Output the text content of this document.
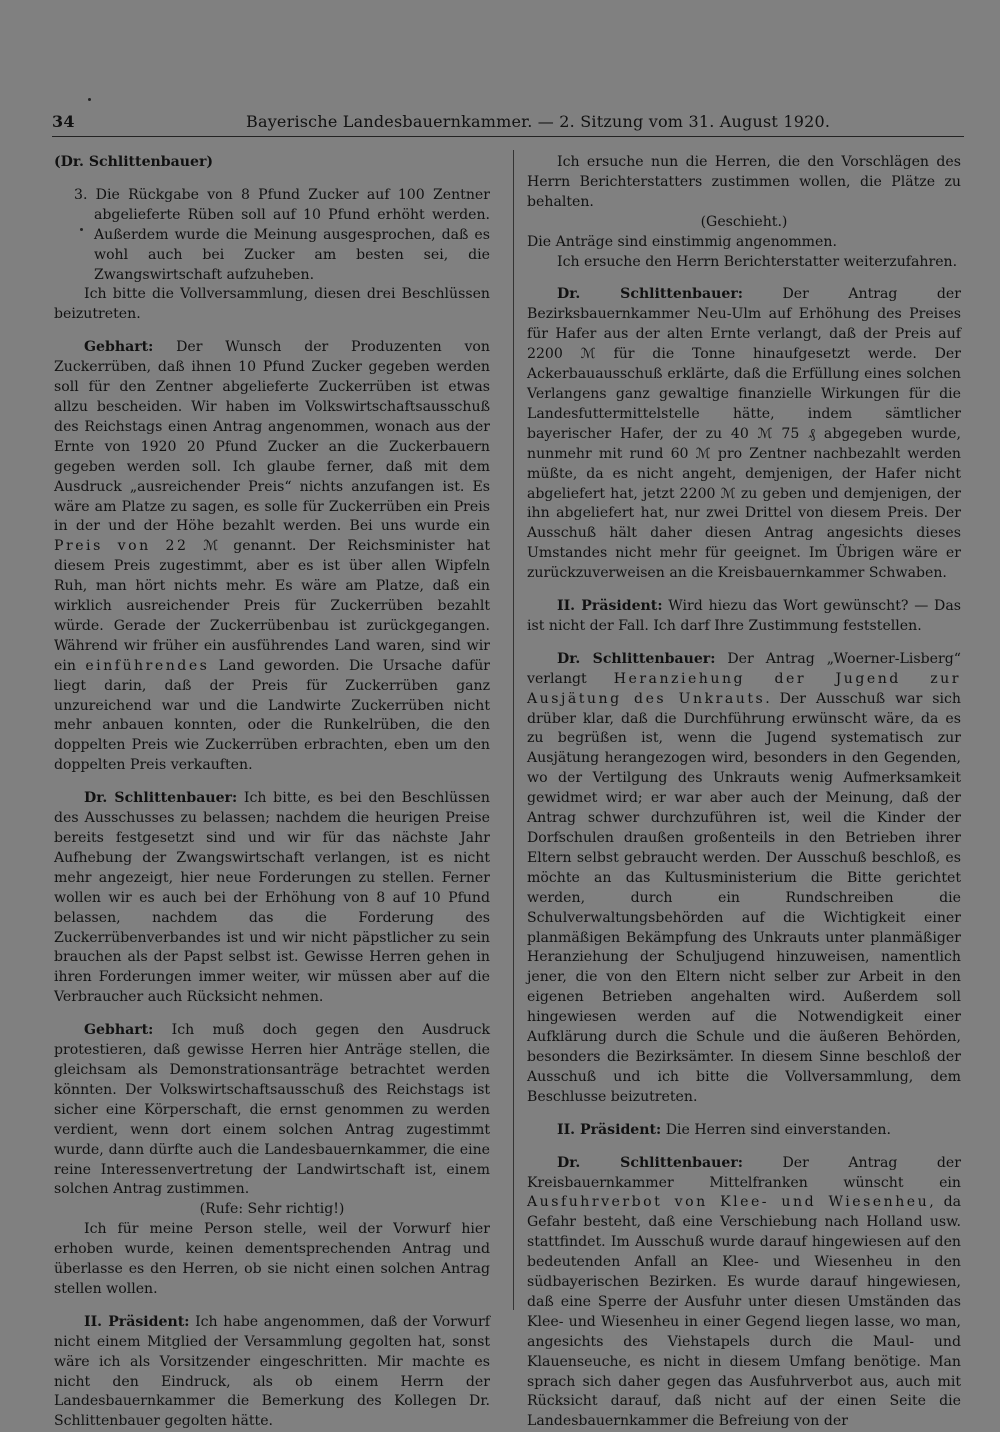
34	Bayerische Landesbauernkammer. — 2. Sitzung vom 31. August 1920.

(Dr. Schlittenbauer)

3. Die Rückgabe von 8 Pfund Zucker auf 100 Zentner abgelieferte Rüben soll auf 10 Pfund erhöht werden. Außerdem wurde die Meinung ausgesprochen, daß es wohl auch bei Zucker am besten sei, die Zwangswirtschaft aufzuheben.

Ich bitte die Vollversammlung, diesen drei Beschlüssen beizutreten.

Gebhart: Der Wunsch der Produzenten von Zuckerrüben, daß ihnen 10 Pfund Zucker gegeben werden soll für den Zentner abgelieferte Zuckerrüben ist etwas allzu bescheiden. Wir haben im Volkswirtschaftsausschuß des Reichstags einen Antrag angenommen, wonach aus der Ernte von 1920 20 Pfund Zucker an die Zuckerbauern gegeben werden soll. Ich glaube ferner, daß mit dem Ausdruck „ausreichender Preis“ nichts anzufangen ist. Es wäre am Platze zu sagen, es solle für Zuckerrüben ein Preis in der und der Höhe bezahlt werden. Bei uns wurde ein Preis von 22 ℳ genannt. Der Reichsminister hat diesem Preis zugestimmt, aber es ist über allen Wipfeln Ruh, man hört nichts mehr. Es wäre am Platze, daß ein wirklich ausreichender Preis für Zuckerrüben bezahlt würde. Gerade der Zuckerrübenbau ist zurückgegangen. Während wir früher ein ausführendes Land waren, sind wir ein einführendes Land geworden. Die Ursache dafür liegt darin, daß der Preis für Zuckerrüben ganz unzureichend war und die Landwirte Zuckerrüben nicht mehr anbauen konnten, oder die Runkelrüben, die den doppelten Preis wie Zuckerrüben erbrachten, eben um den doppelten Preis verkauften.

Dr. Schlittenbauer: Ich bitte, es bei den Beschlüssen des Ausschusses zu belassen; nachdem die heurigen Preise bereits festgesetzt sind und wir für das nächste Jahr Aufhebung der Zwangswirtschaft verlangen, ist es nicht mehr angezeigt, hier neue Forderungen zu stellen. Ferner wollen wir es auch bei der Erhöhung von 8 auf 10 Pfund belassen, nachdem das die Forderung des Zuckerrübenverbandes ist und wir nicht päpstlicher zu sein brauchen als der Papst selbst ist. Gewisse Herren gehen in ihren Forderungen immer weiter, wir müssen aber auf die Verbraucher auch Rücksicht nehmen.

Gebhart: Ich muß doch gegen den Ausdruck protestieren, daß gewisse Herren hier Anträge stellen, die gleichsam als Demonstrationsanträge betrachtet werden könnten. Der Volkswirtschaftsausschuß des Reichstags ist sicher eine Körperschaft, die ernst genommen zu werden verdient, wenn dort einem solchen Antrag zugestimmt wurde, dann dürfte auch die Landesbauernkammer, die eine reine Interessenvertretung der Landwirtschaft ist, einem solchen Antrag zustimmen.

(Rufe: Sehr richtig!)

Ich für meine Person stelle, weil der Vorwurf hier erhoben wurde, keinen dementsprechenden Antrag und überlasse es den Herren, ob sie nicht einen solchen Antrag stellen wollen.

II. Präsident: Ich habe angenommen, daß der Vorwurf nicht einem Mitglied der Versammlung gegolten hat, sonst wäre ich als Vorsitzender eingeschritten. Mir machte es nicht den Eindruck, als ob einem Herrn der Landesbauernkammer die Bemerkung des Kollegen Dr. Schlittenbauer gegolten hätte.

Ich ersuche nun die Herren, die den Vorschlägen des Herrn Berichterstatters zustimmen wollen, die Plätze zu behalten.

(Geschieht.)

Die Anträge sind einstimmig angenommen.

Ich ersuche den Herrn Berichterstatter weiterzufahren.

Dr. Schlittenbauer: Der Antrag der Bezirksbauernkammer Neu-Ulm auf Erhöhung des Preises für Hafer aus der alten Ernte verlangt, daß der Preis auf 2200 ℳ für die Tonne hinaufgesetzt werde. Der Ackerbauausschuß erklärte, daß die Erfüllung eines solchen Verlangens ganz gewaltige finanzielle Wirkungen für die Landesfuttermittelstelle hätte, indem sämtlicher bayerischer Hafer, der zu 40 ℳ 75 ₰ abgegeben wurde, nunmehr mit rund 60 ℳ pro Zentner nachbezahlt werden müßte, da es nicht angeht, demjenigen, der Hafer nicht abgeliefert hat, jetzt 2200 ℳ zu geben und demjenigen, der ihn abgeliefert hat, nur zwei Drittel von diesem Preis. Der Ausschuß hält daher diesen Antrag angesichts dieses Umstandes nicht mehr für geeignet. Im Übrigen wäre er zurückzuverweisen an die Kreisbauernkammer Schwaben.

II. Präsident: Wird hiezu das Wort gewünscht? — Das ist nicht der Fall. Ich darf Ihre Zustimmung feststellen.

Dr. Schlittenbauer: Der Antrag „Woerner-Lisberg“ verlangt Heranziehung der Jugend zur Ausjätung des Unkrauts. Der Ausschuß war sich drüber klar, daß die Durchführung erwünscht wäre, da es zu begrüßen ist, wenn die Jugend systematisch zur Ausjätung herangezogen wird, besonders in den Gegenden, wo der Vertilgung des Unkrauts wenig Aufmerksamkeit gewidmet wird; er war aber auch der Meinung, daß der Antrag schwer durchzuführen ist, weil die Kinder der Dorfschulen draußen großenteils in den Betrieben ihrer Eltern selbst gebraucht werden. Der Ausschuß beschloß, es möchte an das Kultusministerium die Bitte gerichtet werden, durch ein Rundschreiben die Schulverwaltungsbehörden auf die Wichtigkeit einer planmäßigen Bekämpfung des Unkrauts unter planmäßiger Heranziehung der Schuljugend hinzuweisen, namentlich jener, die von den Eltern nicht selber zur Arbeit in den eigenen Betrieben angehalten wird. Außerdem soll hingewiesen werden auf die Notwendigkeit einer Aufklärung durch die Schule und die äußeren Behörden, besonders die Bezirksämter. In diesem Sinne beschloß der Ausschuß und ich bitte die Vollversammlung, dem Beschlusse beizutreten.

II. Präsident: Die Herren sind einverstanden.

Dr. Schlittenbauer: Der Antrag der Kreisbauernkammer Mittelfranken wünscht ein Ausfuhrverbot von Klee- und Wiesenheu, da Gefahr besteht, daß eine Verschiebung nach Holland usw. stattfindet. Im Ausschuß wurde darauf hingewiesen auf den bedeutenden Anfall an Klee- und Wiesenheu in den südbayerischen Bezirken. Es wurde darauf hingewiesen, daß eine Sperre der Ausfuhr unter diesen Umständen das Klee- und Wiesenheu in einer Gegend liegen lasse, wo man, angesichts des Viehstapels durch die Maul- und Klauenseuche, es nicht in diesem Umfang benötige. Man sprach sich daher gegen das Ausfuhrverbot aus, auch mit Rücksicht darauf, daß nicht auf der einen Seite die Landesbauernkammer die Befreiung von der
